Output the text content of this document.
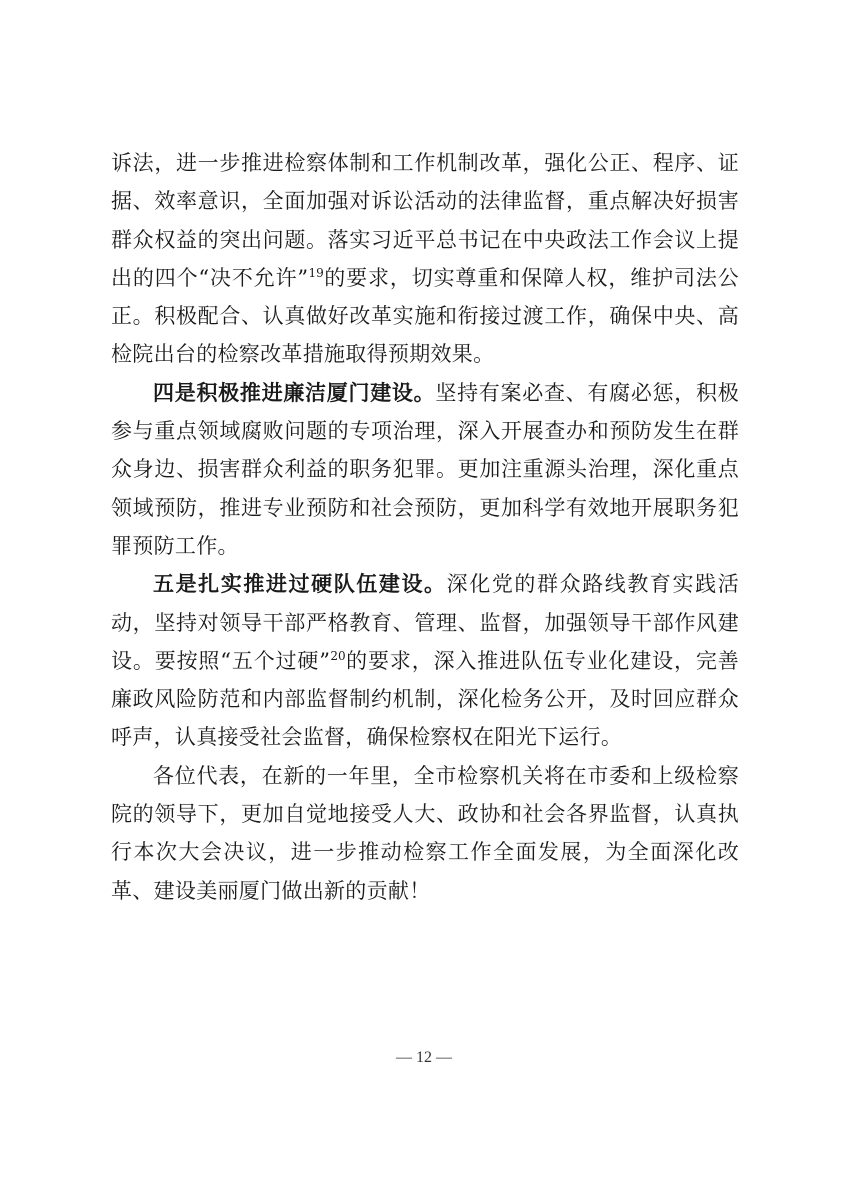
诉法，进一步推进检察体制和工作机制改革，强化公正、程序、证据、效率意识，全面加强对诉讼活动的法律监督，重点解决好损害群众权益的突出问题。落实习近平总书记在中央政法工作会议上提出的四个“决不允许”$^{19}$的要求，切实尊重和保障人权，维护司法公正。积极配合、认真做好改革实施和衔接过渡工作，确保中央、高检院出台的检察改革措施取得预期效果。

四是积极推进廉洁厦门建设。坚持有案必查、有腐必惩，积极参与重点领域腐败问题的专项治理，深入开展查办和预防发生在群众身边、损害群众利益的职务犯罪。更加注重源头治理，深化重点领域预防，推进专业预防和社会预防，更加科学有效地开展职务犯罪预防工作。

五是扎实推进过硬队伍建设。深化党的群众路线教育实践活动，坚持对领导干部严格教育、管理、监督，加强领导干部作风建设。要按照“五个过硬”$^{20}$的要求，深入推进队伍专业化建设，完善廉政风险防范和内部监督制约机制，深化检务公开，及时回应群众呼声，认真接受社会监督，确保检察权在阳光下运行。

各位代表，在新的一年里，全市检察机关将在市委和上级检察院的领导下，更加自觉地接受人大、政协和社会各界监督，认真执行本次大会决议，进一步推动检察工作全面发展，为全面深化改革、建设美丽厦门做出新的贡献！

— 12 —
